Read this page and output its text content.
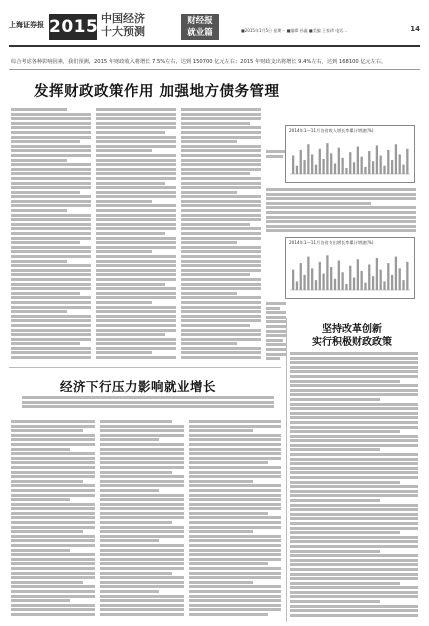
上海证券报 2015 中国经济
十大预测
财经报
就业篇	■2015年1月5日 星期一 ■编辑 孙鑫 ■美编 王家珍 电话…	14
综合考虑各种影响因素，我们预测，2015 年财政收入将增长 7.5%左右，达到 150700 亿元左右；2015 年财政支出将增长 9.4%左右，达到 168100 亿元左右。
发挥财政政策作用 加强地方债务管理
2014年1—11月各省收入增长率累计增速(%)
2014年1—11月各省支出增长率累计增速(%)
坚持改革创新
实行积极财政政策
经济下行压力影响就业增长
